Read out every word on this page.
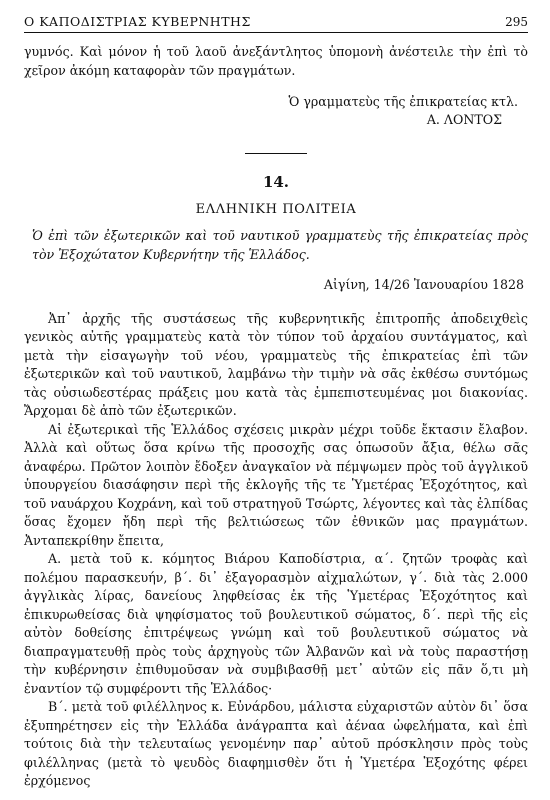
Ο ΚΑΠΟΔΙΣΤΡΙΑΣ ΚΥΒΕΡΝΗΤΗΣ	295

γυμνός. Καὶ μόνον ἡ τοῦ λαοῦ ἀνεξάντλητος ὑπομονὴ ἀνέστειλε τὴν ἐπὶ τὸ χεῖρον ἀκόμη καταφορὰν τῶν πραγμάτων.

Ὁ γραμματεὺς τῆς ἐπικρατείας κτλ.
Α. ΛΟΝΤΟΣ
14.
ΕΛΛΗΝΙΚΗ ΠΟΛΙΤΕΙΑ

Ὁ ἐπὶ τῶν ἐξωτερικῶν καὶ τοῦ ναυτικοῦ γραμματεὺς τῆς ἐπικρατείας πρὸς τὸν Ἐξοχώτατον Κυβερνήτην τῆς Ἑλλάδος.

Αἰγίνη, 14/26 Ἰανουαρίου 1828

Ἀπ᾽ ἀρχῆς τῆς συστάσεως τῆς κυβερνητικῆς ἐπιτροπῆς ἀποδειχθεὶς γενικὸς αὐτῆς γραμματεὺς κατὰ τὸν τύπον τοῦ ἀρχαίου συντάγματος, καὶ μετὰ τὴν εἰσαγωγὴν τοῦ νέου, γραμματεὺς τῆς ἐπικρατείας ἐπὶ τῶν ἐξωτερικῶν καὶ τοῦ ναυτικοῦ, λαμβάνω τὴν τιμὴν νὰ σᾶς ἐκθέσω συντόμως τὰς οὐσιωδεστέρας πράξεις μου κατὰ τὰς ἐμπεπιστευμένας μοι διακονίας. Ἄρχομαι δὲ ἀπὸ τῶν ἐξωτερικῶν.

Αἱ ἐξωτερικαὶ τῆς Ἑλλάδος σχέσεις μικρὰν μέχρι τοῦδε ἔκτασιν ἔλαβον. Ἀλλὰ καὶ οὕτως ὅσα κρίνω τῆς προσοχῆς σας ὁπωσοῦν ἄξια, θέλω σᾶς ἀναφέρω. Πρῶτον λοιπὸν ἔδοξεν ἀναγκαῖον νὰ πέμψωμεν πρὸς τοῦ ἀγγλικοῦ ὑπουργείου διασάφησιν περὶ τῆς ἐκλογῆς τῆς τε Ὑμετέρας Ἐξοχότητος, καὶ τοῦ ναυάρχου Κοχράνη, καὶ τοῦ στρατηγοῦ Τσώρτς, λέγοντες καὶ τὰς ἐλπίδας ὅσας ἔχομεν ἤδη περὶ τῆς βελτιώσεως τῶν ἐθνικῶν μας πραγμάτων. Ἀνταπεκρίθην ἔπειτα,

Α. μετὰ τοῦ κ. κόμητος Βιάρου Καποδίστρια, α´. ζητῶν τροφὰς καὶ πολέμου παρασκευήν, β´. δι᾽ ἐξαγορασμὸν αἰχμαλώτων, γ´. διὰ τὰς 2.000 ἀγγλικὰς λίρας, δανείους ληφθείσας ἐκ τῆς Ὑμετέρας Ἐξοχότητος καὶ ἐπικυρωθείσας διὰ ψηφίσματος τοῦ βουλευτικοῦ σώματος, δ´. περὶ τῆς εἰς αὐτὸν δοθείσης ἐπιτρέψεως γνώμη καὶ τοῦ βουλευτικοῦ σώματος νὰ διαπραγματευθῇ πρὸς τοὺς ἀρχηγοὺς τῶν Ἀλβανῶν καὶ νὰ τοὺς παραστήσῃ τὴν κυβέρνησιν ἐπιθυμοῦσαν νὰ συμβιβασθῇ μετ᾽ αὐτῶν εἰς πᾶν ὅ,τι μὴ ἐναντίον τῷ συμφέροντι τῆς Ἑλλάδος·

Β´. μετὰ τοῦ φιλέλληνος κ. Εὐνάρδου, μάλιστα εὐχαριστῶν αὐτὸν δι᾽ ὅσα ἐξυπηρέτησεν εἰς τὴν Ἑλλάδα ἀνάγραπτα καὶ ἀέναα ὠφελήματα, καὶ ἐπὶ τούτοις διὰ τὴν τελευταίως γενομένην παρ᾽ αὐτοῦ πρόσκλησιν πρὸς τοὺς φιλέλληνας (μετὰ τὸ ψευδὸς διαφημισθὲν ὅτι ἡ Ὑμετέρα Ἐξοχότης φέρει ἐρχόμενος
